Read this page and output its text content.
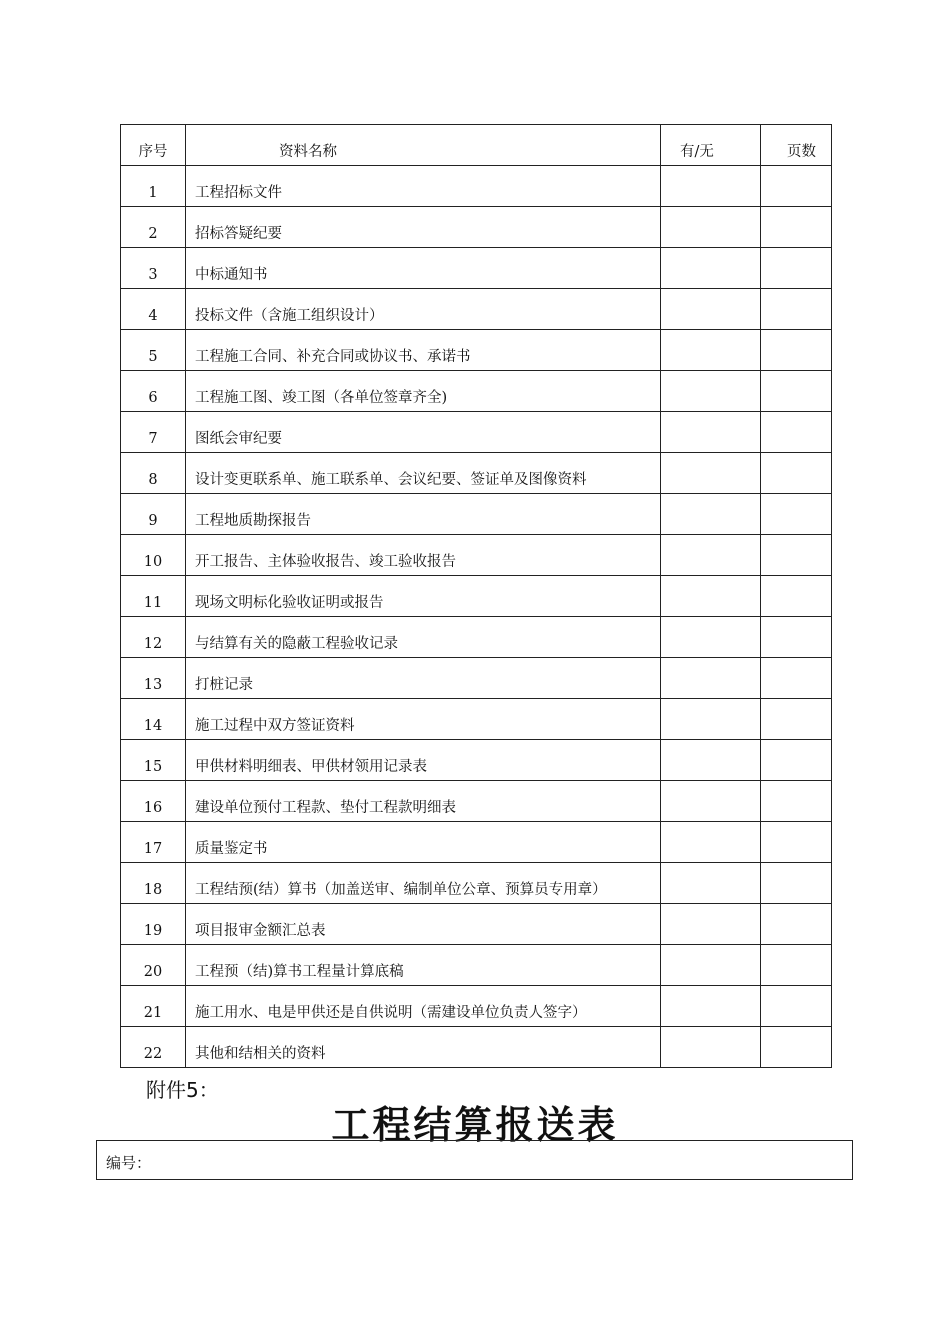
序号	资料名称	有/无	页数

1	工程招标文件		

2	招标答疑纪要		

3	中标通知书		

4	投标文件（含施工组织设计）		

5	工程施工合同、补充合同或协议书、承诺书		

6	工程施工图、竣工图（各单位签章齐全)		

7	图纸会审纪要		

8	设计变更联系单、施工联系单、会议纪要、签证单及图像资料		

9	工程地质勘探报告		

10	开工报告、主体验收报告、竣工验收报告		

11	现场文明标化验收证明或报告		

12	与结算有关的隐蔽工程验收记录		

13	打桩记录		

14	施工过程中双方签证资料		

15	甲供材料明细表、甲供材领用记录表		

16	建设单位预付工程款、垫付工程款明细表		

17	质量鉴定书		

18	工程结预(结）算书（加盖送审、编制单位公章、预算员专用章）		

19	项目报审金额汇总表		

20	工程预（结)算书工程量计算底稿		

21	施工用水、电是甲供还是自供说明（需建设单位负责人签字）		

22	其他和结相关的资料		

附件5：
工程结算报送表
编号：
